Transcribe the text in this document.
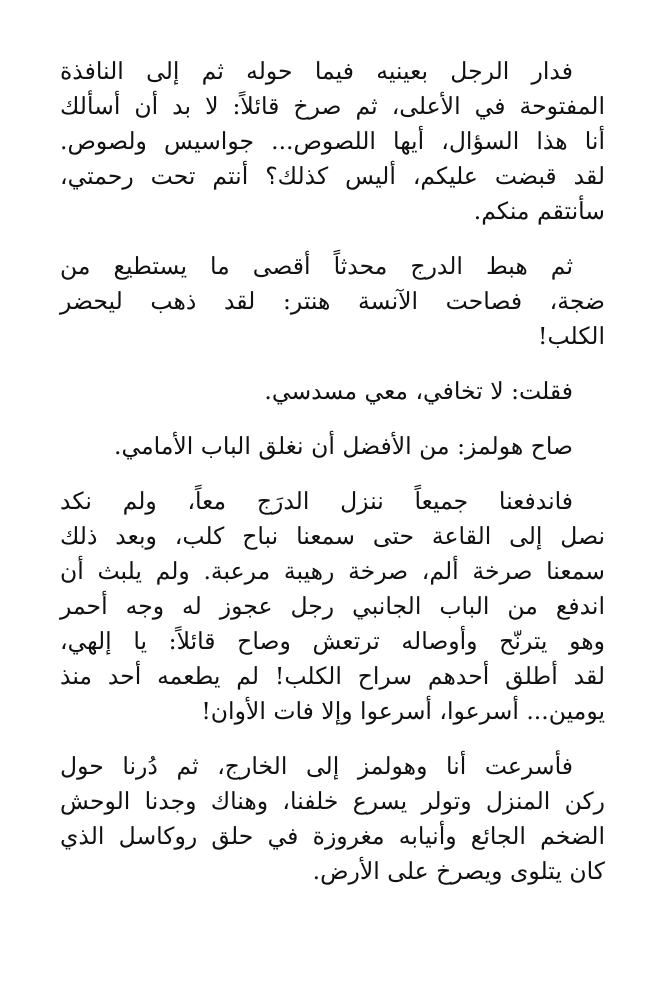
فدار الرجل بعينيه فيما حوله ثم إلى النافذة
المفتوحة في الأعلى، ثم صرخ قائلاً: لا بد أن أسألك
أنا هذا السؤال، أيها اللصوص... جواسيس ولصوص.
لقد قبضت عليكم، أليس كذلك؟ أنتم تحت رحمتي،
سأنتقم منكم.
ثم هبط الدرج محدثاً أقصى ما يستطيع من
ضجة، فصاحت الآنسة هنتر: لقد ذهب ليحضر
الكلب!
فقلت: لا تخافي، معي مسدسي.
صاح هولمز: من الأفضل أن نغلق الباب الأمامي.
فاندفعنا جميعاً ننزل الدرَج معاً، ولم نكد
نصل إلى القاعة حتى سمعنا نباح كلب، وبعد ذلك
سمعنا صرخة ألم، صرخة رهيبة مرعبة. ولم يلبث أن
اندفع من الباب الجانبي رجل عجوز له وجه أحمر
وهو يترنّح وأوصاله ترتعش وصاح قائلاً: يا إلهي،
لقد أطلق أحدهم سراح الكلب! لم يطعمه أحد منذ
يومين... أسرعوا، أسرعوا وإلا فات الأوان!
فأسرعت أنا وهولمز إلى الخارج، ثم دُرنا حول
ركن المنزل وتولر يسرع خلفنا، وهناك وجدنا الوحش
الضخم الجائع وأنيابه مغروزة في حلق روكاسل الذي
كان يتلوى ويصرخ على الأرض.
